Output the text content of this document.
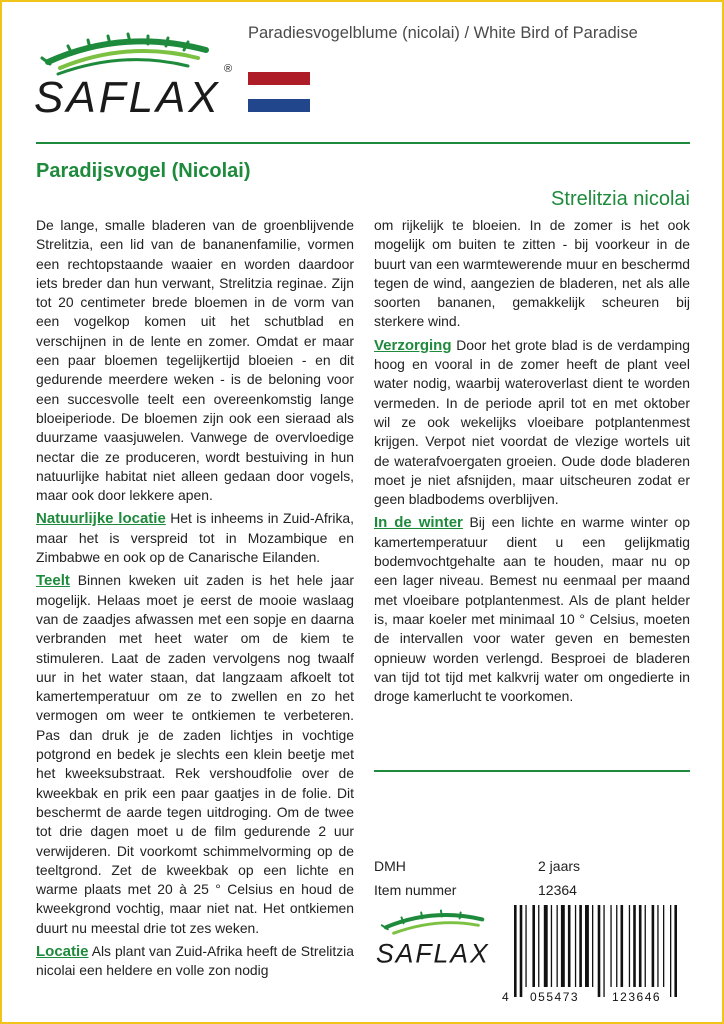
Paradiesvogelblume (nicolai) / White Bird of Paradise
SAFLAX
®
Paradijsvogel (Nicolai)
Strelitzia nicolai

De lange, smalle bladeren van de groenblijvende Strelitzia, een lid van de bananenfamilie, vormen een rechtopstaande waaier en worden daardoor iets breder dan hun verwant, Strelitzia reginae. Zijn tot 20 centimeter brede bloemen in de vorm van een vogelkop komen uit het schutblad en verschijnen in de lente en zomer. Omdat er maar een paar bloemen tegelijkertijd bloeien - en dit gedurende meerdere weken - is de beloning voor een succesvolle teelt een overeenkomstig lange bloeiperiode. De bloemen zijn ook een sieraad als duurzame vaasjuwelen. Vanwege de overvloedige nectar die ze produceren, wordt bestuiving in hun natuurlijke habitat niet alleen gedaan door vogels, maar ook door lekkere apen.

Natuurlijke locatie Het is inheems in Zuid-Afrika, maar het is verspreid tot in Mozambique en Zimbabwe en ook op de Canarische Eilanden.

Teelt Binnen kweken uit zaden is het hele jaar mogelijk. Helaas moet je eerst de mooie waslaag van de zaadjes afwassen met een sopje en daarna verbranden met heet water om de kiem te stimuleren. Laat de zaden vervolgens nog twaalf uur in het water staan, dat langzaam afkoelt tot kamertemperatuur om ze to zwellen en zo het vermogen om weer te ontkiemen te verbeteren. Pas dan druk je de zaden lichtjes in vochtige potgrond en bedek je slechts een klein beetje met het kweeksubstraat. Rek vershoudfolie over de kweekbak en prik een paar gaatjes in de folie. Dit beschermt de aarde tegen uitdroging. Om de twee tot drie dagen moet u de film gedurende 2 uur verwijderen. Dit voorkomt schimmelvorming op de teeltgrond. Zet de kweekbak op een lichte en warme plaats met 20 à 25 ° Celsius en houd de kweekgrond vochtig, maar niet nat. Het ontkiemen duurt nu meestal drie tot zes weken.

Locatie Als plant van Zuid-Afrika heeft de Strelitzia nicolai een heldere en volle zon nodig

om rijkelijk te bloeien. In de zomer is het ook mogelijk om buiten te zitten - bij voorkeur in de buurt van een warmtewerende muur en beschermd tegen de wind, aangezien de bladeren, net als alle soorten bananen, gemakkelijk scheuren bij sterkere wind.

Verzorging Door het grote blad is de verdamping hoog en vooral in de zomer heeft de plant veel water nodig, waarbij wateroverlast dient te worden vermeden. In de periode april tot en met oktober wil ze ook wekelijks vloeibare potplantenmest krijgen. Verpot niet voordat de vlezige wortels uit de waterafvoergaten groeien. Oude dode bladeren moet je niet afsnijden, maar uitscheuren zodat er geen bladbodems overblijven.

In de winter Bij een lichte en warme winter op kamertemperatuur dient u een gelijkmatig bodemvochtgehalte aan te houden, maar nu op een lager niveau. Bemest nu eenmaal per maand met vloeibare potplantenmest. Als de plant helder is, maar koeler met minimaal 10 ° Celsius, moeten de intervallen voor water geven en bemesten opnieuw worden verlengd. Besproei de bladeren van tijd tot tijd met kalkvrij water om ongedierte in droge kamerlucht te voorkomen.

DMH	2 jaars
Item nummer	12364
SAFLAX
4 055473	123646
